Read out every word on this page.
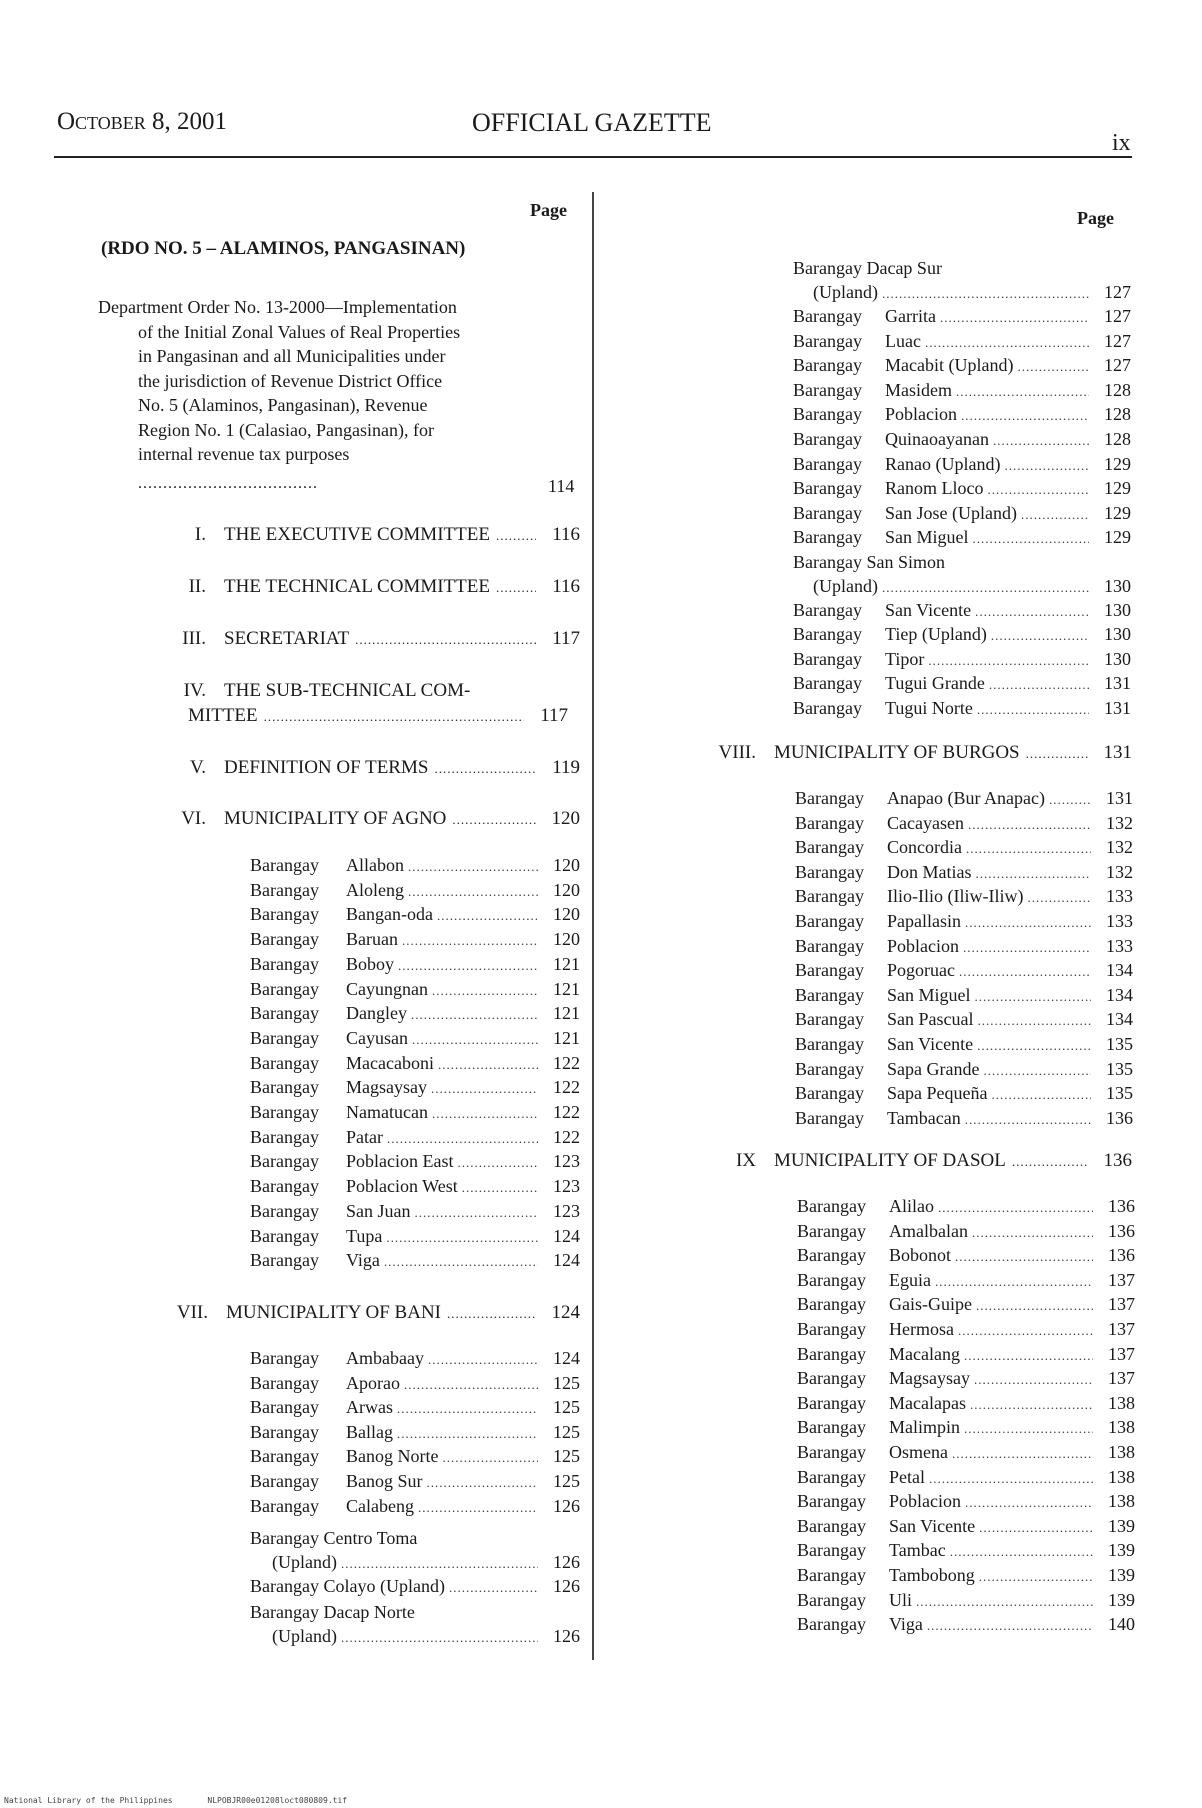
October 8, 2001	OFFICIAL GAZETTE
ix
Page	Page
(RDO NO. 5 – ALAMINOS, PANGASINAN)
Department Order No. 13-2000—Implementation
of the Initial Zonal Values of Real Properties
in Pangasinan and all Municipalities under
the jurisdiction of Revenue District Office
No. 5 (Alaminos, Pangasinan), Revenue
Region No. 1 (Calasiao, Pangasinan), for
internal revenue tax purposes
....................................	114
I. THE EXECUTIVE COMMITTEE .....	116
II. THE TECHNICAL COMMITTEE .....	116
III. SECRETARIAT .....	117
IV. THE SUB-TECHNICAL COM-
MITTEE .....	117
V. DEFINITION OF TERMS .....	119
VI. MUNICIPALITY OF AGNO .....	120
Barangay Allabon .....	120
Barangay Aloleng .....	120
Barangay Bangan-oda .....	120
Barangay Baruan .....	120
Barangay Boboy .....	121
Barangay Cayungnan .....	121
Barangay Dangley .....	121
Barangay Cayusan .....	121
Barangay Macacaboni .....	122
Barangay Magsaysay .....	122
Barangay Namatucan .....	122
Barangay Patar .....	122
Barangay Poblacion East .....	123
Barangay Poblacion West .....	123
Barangay San Juan .....	123
Barangay Tupa .....	124
Barangay Viga .....	124
VII. MUNICIPALITY OF BANI .....	124
Barangay Ambabaay .....	124
Barangay Aporao .....	125
Barangay Arwas .....	125
Barangay Ballag .....	125
Barangay Banog Norte .....	125
Barangay Banog Sur .....	125
Barangay Calabeng .....	126
Barangay Centro Toma
(Upland) .....	126
Barangay Colayo (Upland) .....	126
Barangay Dacap Norte
(Upland) .....	126
Barangay Dacap Sur
(Upland) .....	127
Barangay Garrita .....	127
Barangay Luac .....	127
Barangay Macabit (Upland) .....	127
Barangay Masidem .....	128
Barangay Poblacion .....	128
Barangay Quinaoayanan .....	128
Barangay Ranao (Upland) .....	129
Barangay Ranom Lloco .....	129
Barangay San Jose (Upland) .....	129
Barangay San Miguel .....	129
Barangay San Simon
(Upland) .....	130
Barangay San Vicente .....	130
Barangay Tiep (Upland) .....	130
Barangay Tipor .....	130
Barangay Tugui Grande .....	131
Barangay Tugui Norte .....	131
VIII. MUNICIPALITY OF BURGOS .....	131
Barangay Anapao (Bur Anapac) .....	131
Barangay Cacayasen .....	132
Barangay Concordia .....	132
Barangay Don Matias .....	132
Barangay Ilio-Ilio (Iliw-Iliw) .....	133
Barangay Papallasin .....	133
Barangay Poblacion .....	133
Barangay Pogoruac .....	134
Barangay San Miguel .....	134
Barangay San Pascual .....	134
Barangay San Vicente .....	135
Barangay Sapa Grande .....	135
Barangay Sapa Pequeña .....	135
Barangay Tambacan .....	136
IX MUNICIPALITY OF DASOL .....	136
Barangay Alilao .....	136
Barangay Amalbalan .....	136
Barangay Bobonot .....	136
Barangay Eguia .....	137
Barangay Gais-Guipe .....	137
Barangay Hermosa .....	137
Barangay Macalang .....	137
Barangay Magsaysay .....	137
Barangay Macalapas .....	138
Barangay Malimpin .....	138
Barangay Osmena .....	138
Barangay Petal .....	138
Barangay Poblacion .....	138
Barangay San Vicente .....	139
Barangay Tambac .....	139
Barangay Tambobong .....	139
Barangay Uli .....	139
Barangay Viga .....	140
National Library of the Philippines	NLPOBJR00e01208loct080809.tif
